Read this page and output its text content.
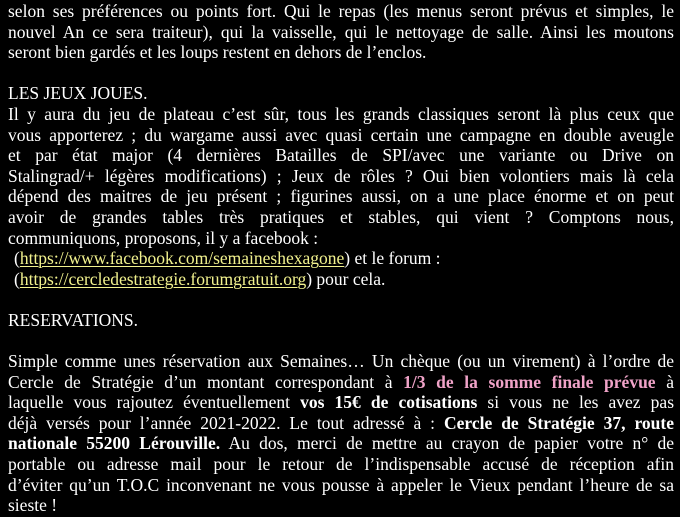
selon ses préférences ou points fort. Qui le repas (les menus seront prévus et simples, le
nouvel An ce sera traiteur), qui la vaisselle, qui le nettoyage de salle. Ainsi les moutons
seront bien gardés et les loups restent en dehors de l’enclos.
LES JEUX JOUES.
Il y aura du jeu de plateau c’est sûr, tous les grands classiques seront là plus ceux que
vous apporterez ; du wargame aussi avec quasi certain une campagne en double aveugle
et par état major (4 dernières Batailles de SPI/avec une variante ou Drive on
Stalingrad/+ légères modifications) ; Jeux de rôles ? Oui bien volontiers mais là cela
dépend des maitres de jeu présent ; figurines aussi, on a une place énorme et on peut
avoir de grandes tables très pratiques et stables, qui vient ? Comptons nous,
communiquons, proposons, il y a facebook :
(https://www.facebook.com/semaineshexagone) et le forum :
(https://cercledestrategie.forumgratuit.org) pour cela.
RESERVATIONS.
Simple comme unes réservation aux Semaines… Un chèque (ou un virement) à l’ordre de
Cercle de Stratégie d’un montant correspondant à 1/3 de la somme finale prévue à
laquelle vous rajoutez éventuellement vos 15€ de cotisations si vous ne les avez pas
déjà versés pour l’année 2021-2022. Le tout adressé à : Cercle de Stratégie 37, route
nationale 55200 Lérouville. Au dos, merci de mettre au crayon de papier votre n° de
portable ou adresse mail pour le retour de l’indispensable accusé de réception afin
d’éviter qu’un T.O.C inconvenant ne vous pousse à appeler le Vieux pendant l’heure de sa
sieste !
